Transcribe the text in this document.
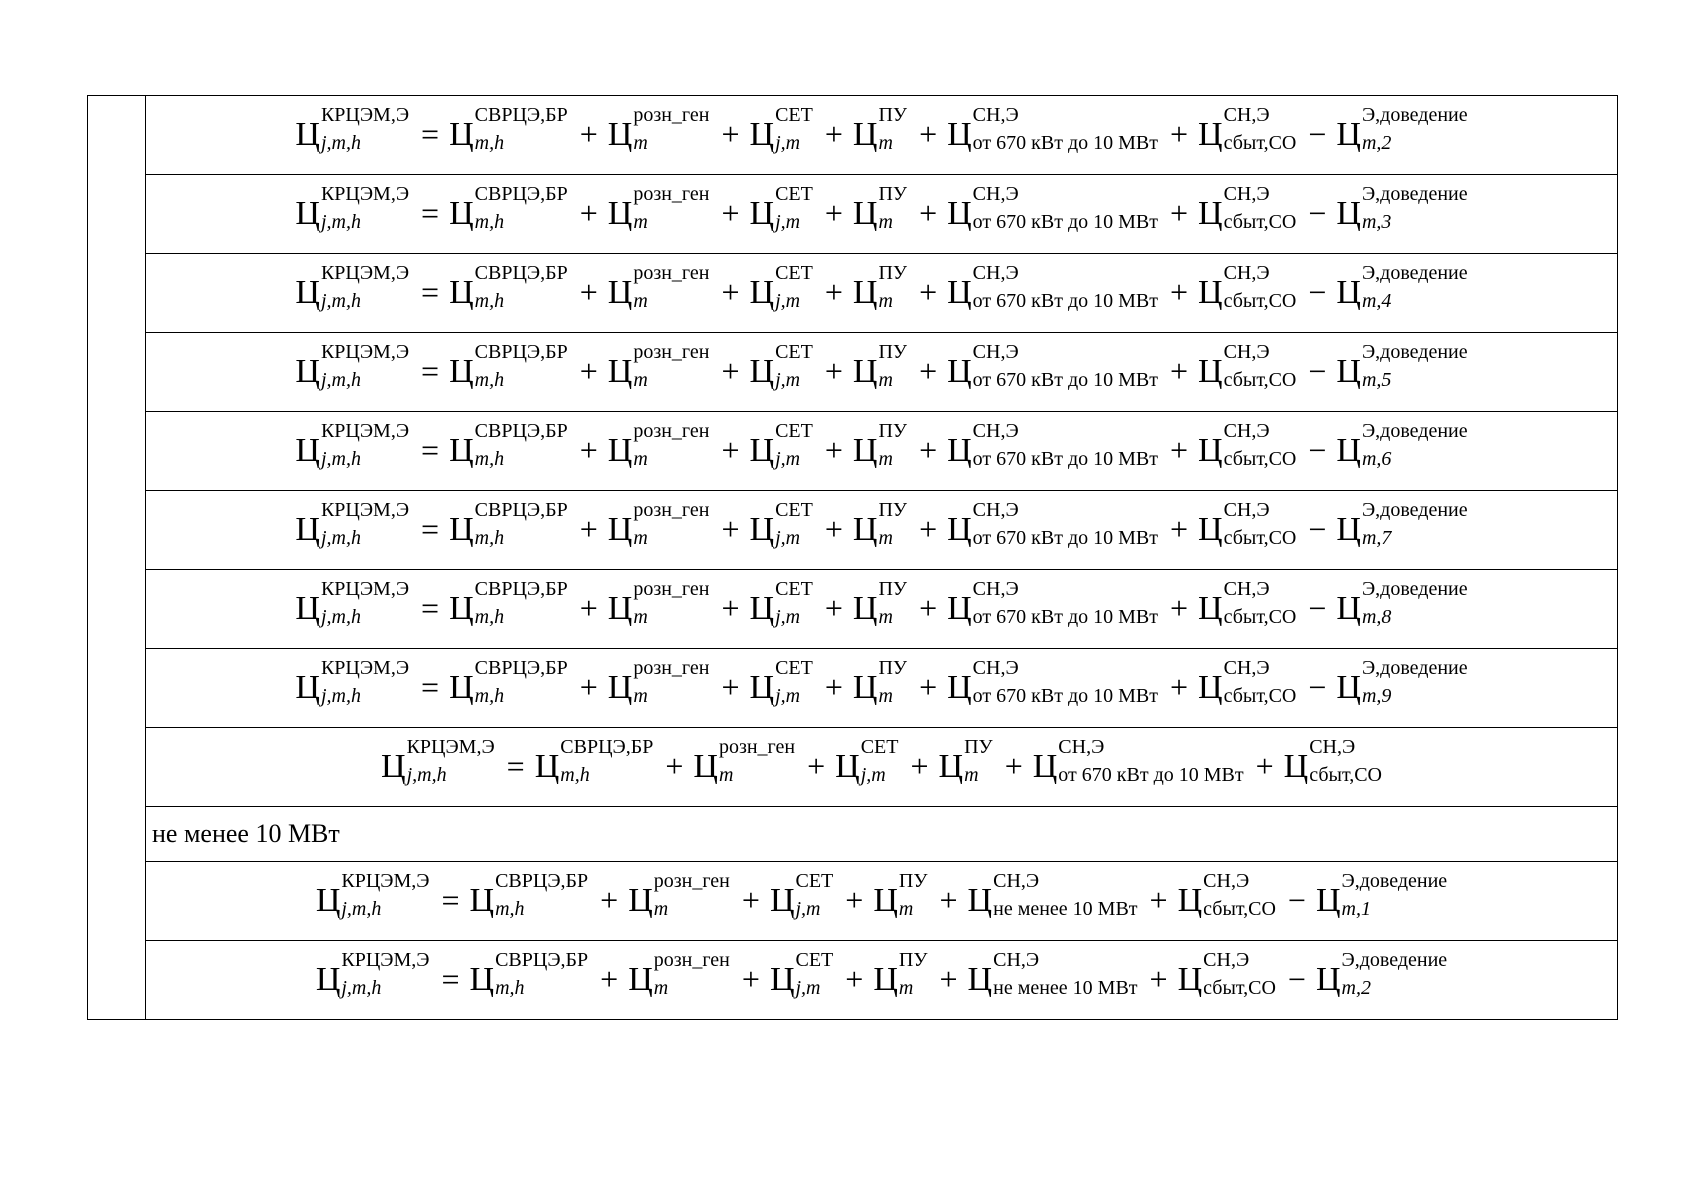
Ц
КРЦЭМ,Э
j,m,h = Ц
СВРЦЭ,БР
m,h + Ц
розн_ген
m + Ц
СЕТ
j,m + Ц
ПУ
m + Ц
СН,Э
от 670 кВт до 10 МВт + Ц
СН,Э
сбыт,СО − Ц
Э,доведение
m,2

Ц
КРЦЭМ,Э
j,m,h = Ц
СВРЦЭ,БР
m,h + Ц
розн_ген
m + Ц
СЕТ
j,m + Ц
ПУ
m + Ц
СН,Э
от 670 кВт до 10 МВт + Ц
СН,Э
сбыт,СО − Ц
Э,доведение
m,3

Ц
КРЦЭМ,Э
j,m,h = Ц
СВРЦЭ,БР
m,h + Ц
розн_ген
m + Ц
СЕТ
j,m + Ц
ПУ
m + Ц
СН,Э
от 670 кВт до 10 МВт + Ц
СН,Э
сбыт,СО − Ц
Э,доведение
m,4

Ц
КРЦЭМ,Э
j,m,h = Ц
СВРЦЭ,БР
m,h + Ц
розн_ген
m + Ц
СЕТ
j,m + Ц
ПУ
m + Ц
СН,Э
от 670 кВт до 10 МВт + Ц
СН,Э
сбыт,СО − Ц
Э,доведение
m,5

Ц
КРЦЭМ,Э
j,m,h = Ц
СВРЦЭ,БР
m,h + Ц
розн_ген
m + Ц
СЕТ
j,m + Ц
ПУ
m + Ц
СН,Э
от 670 кВт до 10 МВт + Ц
СН,Э
сбыт,СО − Ц
Э,доведение
m,6

Ц
КРЦЭМ,Э
j,m,h = Ц
СВРЦЭ,БР
m,h + Ц
розн_ген
m + Ц
СЕТ
j,m + Ц
ПУ
m + Ц
СН,Э
от 670 кВт до 10 МВт + Ц
СН,Э
сбыт,СО − Ц
Э,доведение
m,7

Ц
КРЦЭМ,Э
j,m,h = Ц
СВРЦЭ,БР
m,h + Ц
розн_ген
m + Ц
СЕТ
j,m + Ц
ПУ
m + Ц
СН,Э
от 670 кВт до 10 МВт + Ц
СН,Э
сбыт,СО − Ц
Э,доведение
m,8

Ц
КРЦЭМ,Э
j,m,h = Ц
СВРЦЭ,БР
m,h + Ц
розн_ген
m + Ц
СЕТ
j,m + Ц
ПУ
m + Ц
СН,Э
от 670 кВт до 10 МВт + Ц
СН,Э
сбыт,СО − Ц
Э,доведение
m,9

Ц
КРЦЭМ,Э
j,m,h = Ц
СВРЦЭ,БР
m,h + Ц
розн_ген
m + Ц
СЕТ
j,m + Ц
ПУ
m + Ц
СН,Э
от 670 кВт до 10 МВт + Ц
СН,Э
сбыт,СО

не менее 10 МВт

Ц
КРЦЭМ,Э
j,m,h = Ц
СВРЦЭ,БР
m,h + Ц
розн_ген
m + Ц
СЕТ
j,m + Ц
ПУ
m + Ц
СН,Э
не менее 10 МВт + Ц
СН,Э
сбыт,СО − Ц
Э,доведение
m,1

Ц
КРЦЭМ,Э
j,m,h = Ц
СВРЦЭ,БР
m,h + Ц
розн_ген
m + Ц
СЕТ
j,m + Ц
ПУ
m + Ц
СН,Э
не менее 10 МВт + Ц
СН,Э
сбыт,СО − Ц
Э,доведение
m,2
